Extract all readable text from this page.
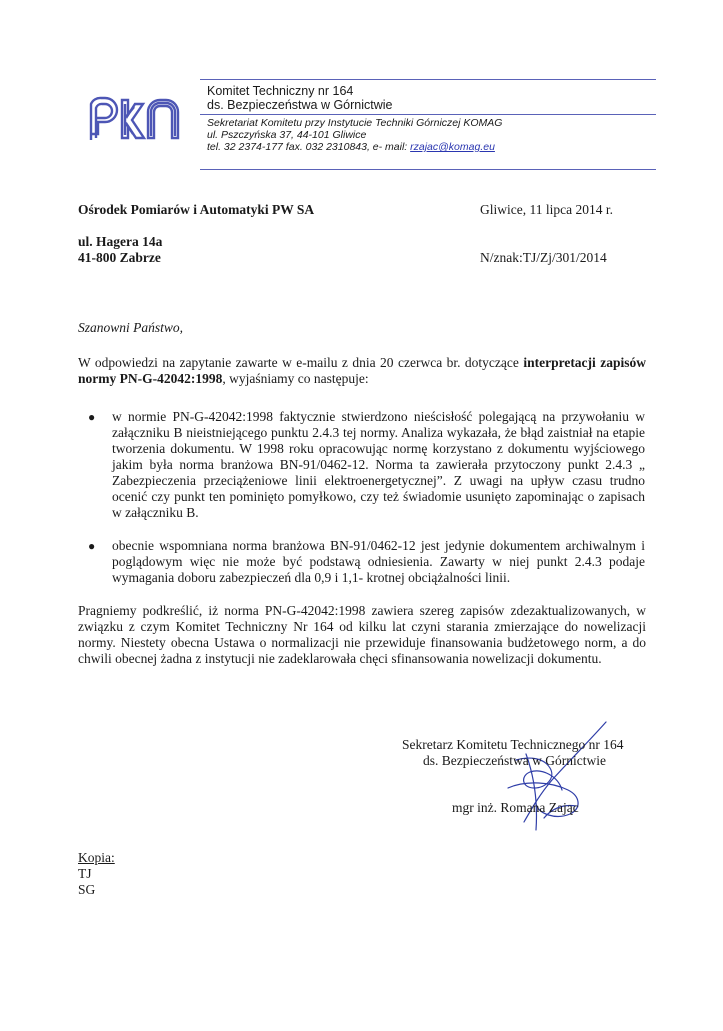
Komitet Techniczny nr 164
ds. Bezpieczeństwa w Górnictwie
Sekretariat Komitetu przy Instytucie Techniki Górniczej KOMAG
ul. Pszczyńska 37, 44-101 Gliwice
tel. 32 2374-177 fax. 032 2310843, e- mail: rzajac@komag.eu
Ośrodek Pomiarów i Automatyki PW SA	Gliwice, 11 lipca 2014 r.
ul. Hagera 14a
41-800 Zabrze	N/znak:TJ/Zj/301/2014
Szanowni Państwo,

W odpowiedzi na zapytanie zawarte w e-mailu z dnia 20 czerwca br. dotyczące interpretacji zapisów normy PN-G-42042:1998, wyjaśniamy co następuje:

● w normie PN-G-42042:1998 faktycznie stwierdzono nieścisłość polegającą na przywołaniu w załączniku B nieistniejącego punktu 2.4.3 tej normy. Analiza wykazała, że błąd zaistniał na etapie tworzenia dokumentu. W 1998 roku opracowując normę korzystano z dokumentu wyjściowego jakim była norma branżowa BN-91/0462-12. Norma ta zawierała przytoczony punkt 2.4.3 „ Zabezpieczenia przeciążeniowe linii elektroenergetycznej”. Z uwagi na upływ czasu trudno ocenić czy punkt ten pominięto pomyłkowo, czy też świadomie usunięto zapominając o zapisach w załączniku B.
● obecnie wspomniana norma branżowa BN-91/0462-12 jest jedynie dokumentem archiwalnym i poglądowym więc nie może być podstawą odniesienia. Zawarty w niej punkt 2.4.3 podaje wymagania doboru zabezpieczeń dla 0,9 i 1,1- krotnej obciążalności linii.
Pragniemy podkreślić, iż norma PN-G-42042:1998 zawiera szereg zapisów zdezaktualizowanych, w związku z czym Komitet Techniczny Nr 164 od kilku lat czyni starania zmierzające do nowelizacji normy. Niestety obecna Ustawa o normalizacji nie przewiduje finansowania budżetowego norm, a do chwili obecnej żadna z instytucji nie zadeklarowała chęci sfinansowania nowelizacji dokumentu.
Sekretarz Komitetu Technicznego nr 164
ds. Bezpieczeństwa w Górnictwie
mgr inż. Romana Zając
Kopia:
TJ
SG
